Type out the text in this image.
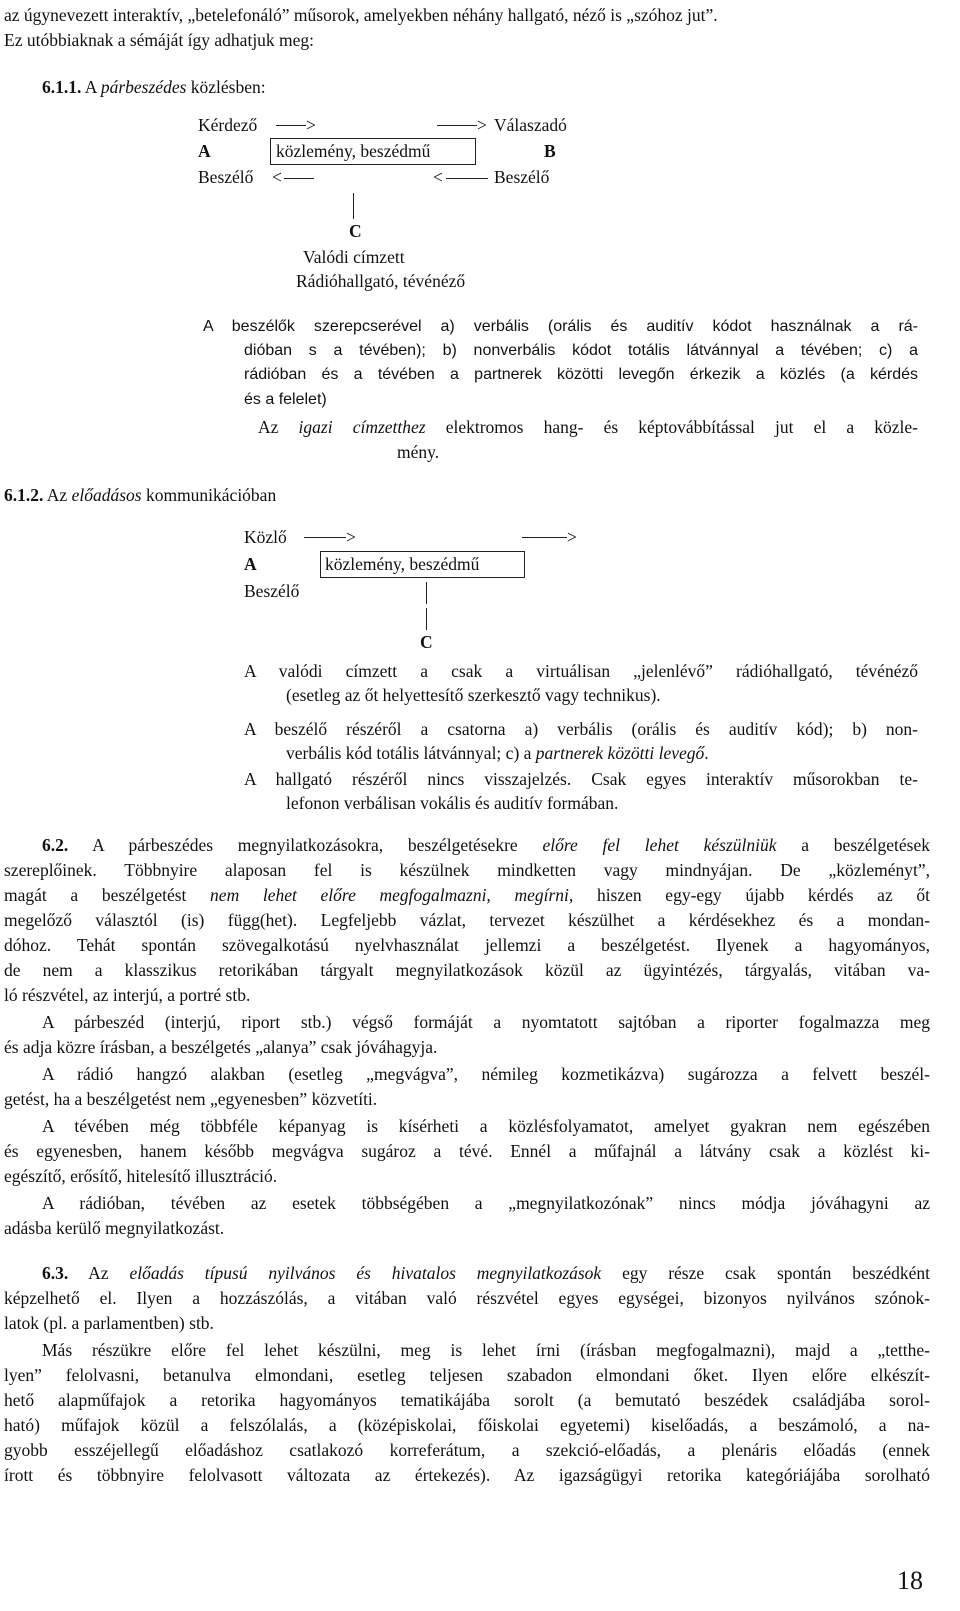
az úgynevezett interaktív, „betelefonáló” műsorok, amelyekben néhány hallgató, néző is „szóhoz jut”.
Ez utóbbiaknak a sémáját így adhatjuk meg:
6.1.1. A párbeszédes közlésben:
Kérdező	>	> Válaszadó
A	közlemény, beszédmű	B
Beszélő <	<	Beszélő
C
Valódi címzett
Rádióhallgató, tévénéző
A beszélők szerepcserével a) verbális (orális és auditív kódot használnak a rá-
dióban s a tévében); b) nonverbális kódot totális látvánnyal a tévében; c) a
rádióban és a tévében a partnerek közötti levegőn érkezik a közlés (a kérdés
és a felelet)
Az igazi címzetthez elektromos hang- és képtovábbítással jut el a közle-
mény.
6.1.2. Az előadásos kommunikációban
Közlő	>	>
A	közlemény, beszédmű
Beszélő
C
A valódi címzett a csak a virtuálisan „jelenlévő” rádióhallgató, tévénéző
(esetleg az őt helyettesítő szerkesztő vagy technikus).
A beszélő részéről a csatorna a) verbális (orális és auditív kód); b) non-
verbális kód totális látvánnyal; c) a partnerek közötti levegő.
A hallgató részéről nincs visszajelzés. Csak egyes interaktív műsorokban te-
lefonon verbálisan vokális és auditív formában.
6.2. A párbeszédes megnyilatkozásokra, beszélgetésekre előre fel lehet készülniük a beszélgetések
szereplőinek. Többnyire alaposan fel is készülnek mindketten vagy mindnyájan. De „közleményt”,
magát a beszélgetést nem lehet előre megfogalmazni, megírni, hiszen egy-egy újabb kérdés az őt
megelőző választól (is) függ(het). Legfeljebb vázlat, tervezet készülhet a kérdésekhez és a mondan-
dóhoz. Tehát spontán szövegalkotású nyelvhasználat jellemzi a beszélgetést. Ilyenek a hagyományos,
de nem a klasszikus retorikában tárgyalt megnyilatkozások közül az ügyintézés, tárgyalás, vitában va-
ló részvétel, az interjú, a portré stb.
A párbeszéd (interjú, riport stb.) végső formáját a nyomtatott sajtóban a riporter fogalmazza meg
és adja közre írásban, a beszélgetés „alanya” csak jóváhagyja.
A rádió hangzó alakban (esetleg „megvágva”, némileg kozmetikázva) sugározza a felvett beszél-
getést, ha a beszélgetést nem „egyenesben” közvetíti.
A tévében még többféle képanyag is kísérheti a közlésfolyamatot, amelyet gyakran nem egészében
és egyenesben, hanem később megvágva sugároz a tévé. Ennél a műfajnál a látvány csak a közlést ki-
egészítő, erősítő, hitelesítő illusztráció.
A rádióban, tévében az esetek többségében a „megnyilatkozónak” nincs módja jóváhagyni az
adásba kerülő megnyilatkozást.
6.3. Az előadás típusú nyilvános és hivatalos megnyilatkozások egy része csak spontán beszédként
képzelhető el. Ilyen a hozzászólás, a vitában való részvétel egyes egységei, bizonyos nyilvános szónok-
latok (pl. a parlamentben) stb.
Más részükre előre fel lehet készülni, meg is lehet írni (írásban megfogalmazni), majd a „tetthe-
lyen” felolvasni, betanulva elmondani, esetleg teljesen szabadon elmondani őket. Ilyen előre elkészít-
hető alapműfajok a retorika hagyományos tematikájába sorolt (a bemutató beszédek családjába sorol-
ható) műfajok közül a felszólalás, a (középiskolai, főiskolai egyetemi) kiselőadás, a beszámoló, a na-
gyobb esszéjellegű előadáshoz csatlakozó korreferátum, a szekció-előadás, a plenáris előadás (ennek
írott és többnyire felolvasott változata az értekezés). Az igazságügyi retorika kategóriájába sorolható
18
